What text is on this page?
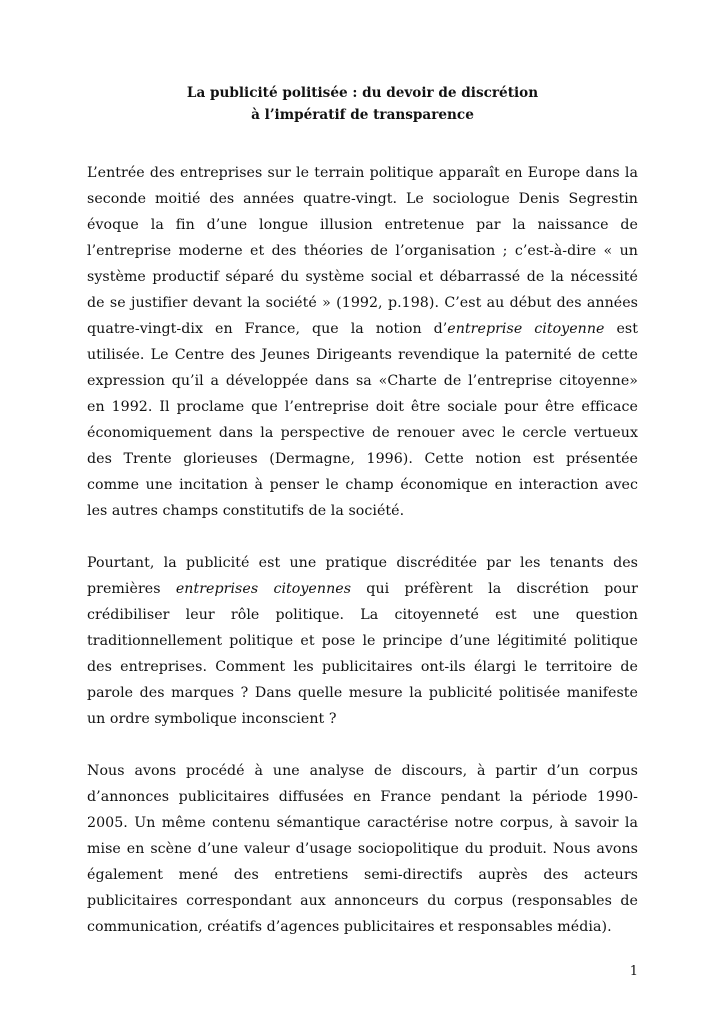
La publicité politisée : du devoir de discrétion
à l’impératif de transparence

L’entrée des entreprises sur le terrain politique apparaît en Europe dans la seconde moitié des années quatre-vingt. Le sociologue Denis Segrestin évoque la fin d’une longue illusion entretenue par la naissance de l’entreprise moderne et des théories de l’organisation ; c’est-à-dire « un système productif séparé du système social et débarrassé de la nécessité de se justifier devant la société » (1992, p.198). C’est au début des années quatre-vingt-dix en France, que la notion d’entreprise citoyenne est utilisée. Le Centre des Jeunes Dirigeants revendique la paternité de cette expression qu’il a développée dans sa «Charte de l’entreprise citoyenne» en 1992. Il proclame que l’entreprise doit être sociale pour être efficace économiquement dans la perspective de renouer avec le cercle vertueux des Trente glorieuses (Dermagne, 1996). Cette notion est présentée comme une incitation à penser le champ économique en interaction avec les autres champs constitutifs de la société.

Pourtant, la publicité est une pratique discréditée par les tenants des premières entreprises citoyennes qui préfèrent la discrétion pour crédibiliser leur rôle politique. La citoyenneté est une question traditionnellement politique et pose le principe d’une légitimité politique des entreprises. Comment les publicitaires ont-ils élargi le territoire de parole des marques ? Dans quelle mesure la publicité politisée manifeste un ordre symbolique inconscient ?

Nous avons procédé à une analyse de discours, à partir d’un corpus d’annonces publicitaires diffusées en France pendant la période 1990-2005. Un même contenu sémantique caractérise notre corpus, à savoir la mise en scène d’une valeur d’usage sociopolitique du produit. Nous avons également mené des entretiens semi-directifs auprès des acteurs publicitaires correspondant aux annonceurs du corpus (responsables de communication, créatifs d’agences publicitaires et responsables média).

1
